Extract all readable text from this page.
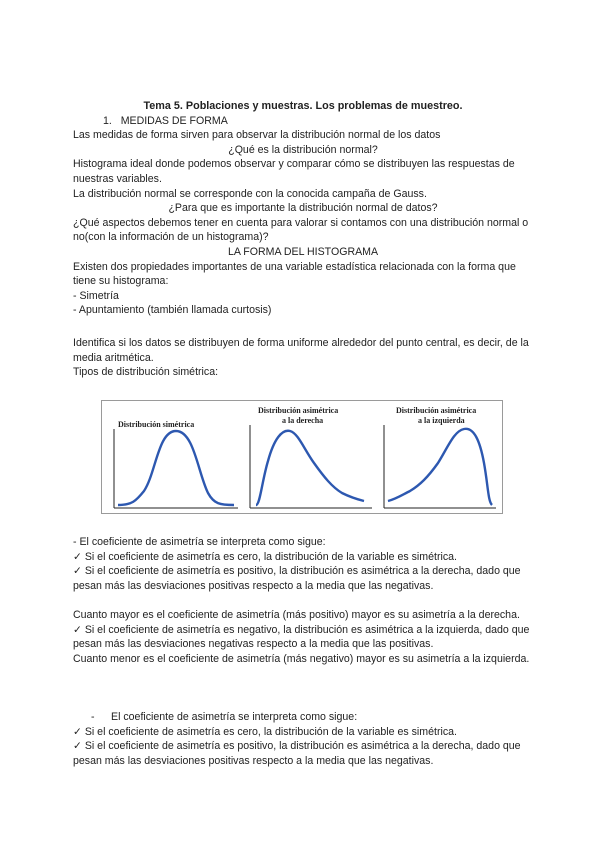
Tema 5. Poblaciones y muestras. Los problemas de muestreo.

1. MEDIDAS DE FORMA

Las medidas de forma sirven para observar la distribución normal de los datos

¿Qué es la distribución normal?

Histograma ideal donde podemos observar y comparar cómo se distribuyen las respuestas de nuestras variables.

La distribución normal se corresponde con la conocida campaña de Gauss.

¿Para que es importante la distribución normal de datos?

¿Qué aspectos debemos tener en cuenta para valorar si contamos con una distribución normal o no(con la información de un histograma)?

LA FORMA DEL HISTOGRAMA

Existen dos propiedades importantes de una variable estadística relacionada con la forma que tiene su histograma:

- Simetría

- Apuntamiento (también llamada curtosis)

Identifica si los datos se distribuyen de forma uniforme alrededor del punto central, es decir, de la media aritmética.

Tipos de distribución simétrica:

Distribución simétrica
Distribución asimétrica
a la derecha
Distribución asimétrica
a la izquierda

- El coeficiente de asimetría se interpreta como sigue:

✓ Si el coeficiente de asimetría es cero, la distribución de la variable es simétrica.

✓ Si el coeficiente de asimetría es positivo, la distribución es asimétrica a la derecha, dado que pesan más las desviaciones positivas respecto a la media que las negativas.

Cuanto mayor es el coeficiente de asimetría (más positivo) mayor es su asimetría a la derecha.

✓ Si el coeficiente de asimetría es negativo, la distribución es asimétrica a la izquierda, dado que pesan más las desviaciones negativas respecto a la media que las positivas.

Cuanto menor es el coeficiente de asimetría (más negativo) mayor es su asimetría a la izquierda.

- El coeficiente de asimetría se interpreta como sigue:

✓ Si el coeficiente de asimetría es cero, la distribución de la variable es simétrica.

✓ Si el coeficiente de asimetría es positivo, la distribución es asimétrica a la derecha, dado que pesan más las desviaciones positivas respecto a la media que las negativas.
